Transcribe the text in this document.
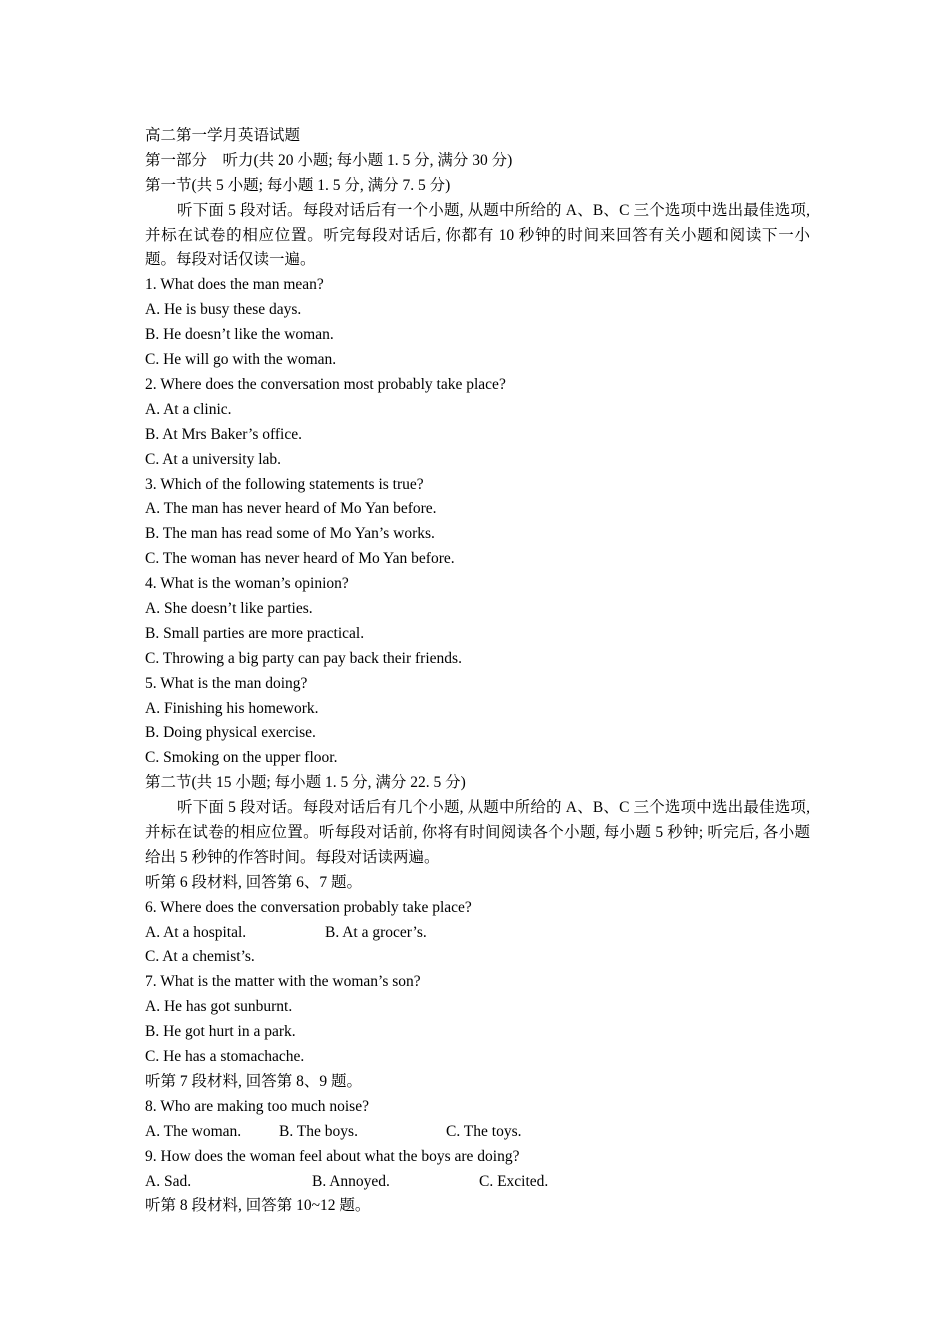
高二第一学月英语试题
第一部分　听力(共 20 小题; 每小题 1. 5 分, 满分 30 分)
第一节(共 5 小题; 每小题 1. 5 分, 满分 7. 5 分)
听下面 5 段对话。每段对话后有一个小题, 从题中所给的 A、B、C 三个选项中选出最佳选项, 并标在试卷的相应位置。听完每段对话后, 你都有 10 秒钟的时间来回答有关小题和阅读下一小题。每段对话仅读一遍。
1. What does the man mean?
A. He is busy these days.
B. He doesn’t like the woman.
C. He will go with the woman.
2. Where does the conversation most probably take place?
A. At a clinic.
B. At Mrs Baker’s office.
C. At a university lab.
3. Which of the following statements is true?
A. The man has never heard of Mo Yan before.
B. The man has read some of Mo Yan’s works.
C. The woman has never heard of Mo Yan before.
4. What is the woman’s opinion?
A. She doesn’t like parties.
B. Small parties are more practical.
C. Throwing a big party can pay back their friends.
5. What is the man doing?
A. Finishing his homework.
B. Doing physical exercise.
C. Smoking on the upper floor.
第二节(共 15 小题; 每小题 1. 5 分, 满分 22. 5 分)
听下面 5 段对话。每段对话后有几个小题, 从题中所给的 A、B、C 三个选项中选出最佳选项, 并标在试卷的相应位置。听每段对话前, 你将有时间阅读各个小题, 每小题 5 秒钟; 听完后, 各小题给出 5 秒钟的作答时间。每段对话读两遍。
听第 6 段材料, 回答第 6、7 题。
6. Where does the conversation probably take place?
A. At a hospital.	B. At a grocer’s.
C. At a chemist’s.
7. What is the matter with the woman’s son?
A. He has got sunburnt.
B. He got hurt in a park.
C. He has a stomachache.
听第 7 段材料, 回答第 8、9 题。
8. Who are making too much noise?
A. The woman.	B. The boys.	C. The toys.
9. How does the woman feel about what the boys are doing?
A. Sad.	B. Annoyed.	C. Excited.
听第 8 段材料, 回答第 10~12 题。
